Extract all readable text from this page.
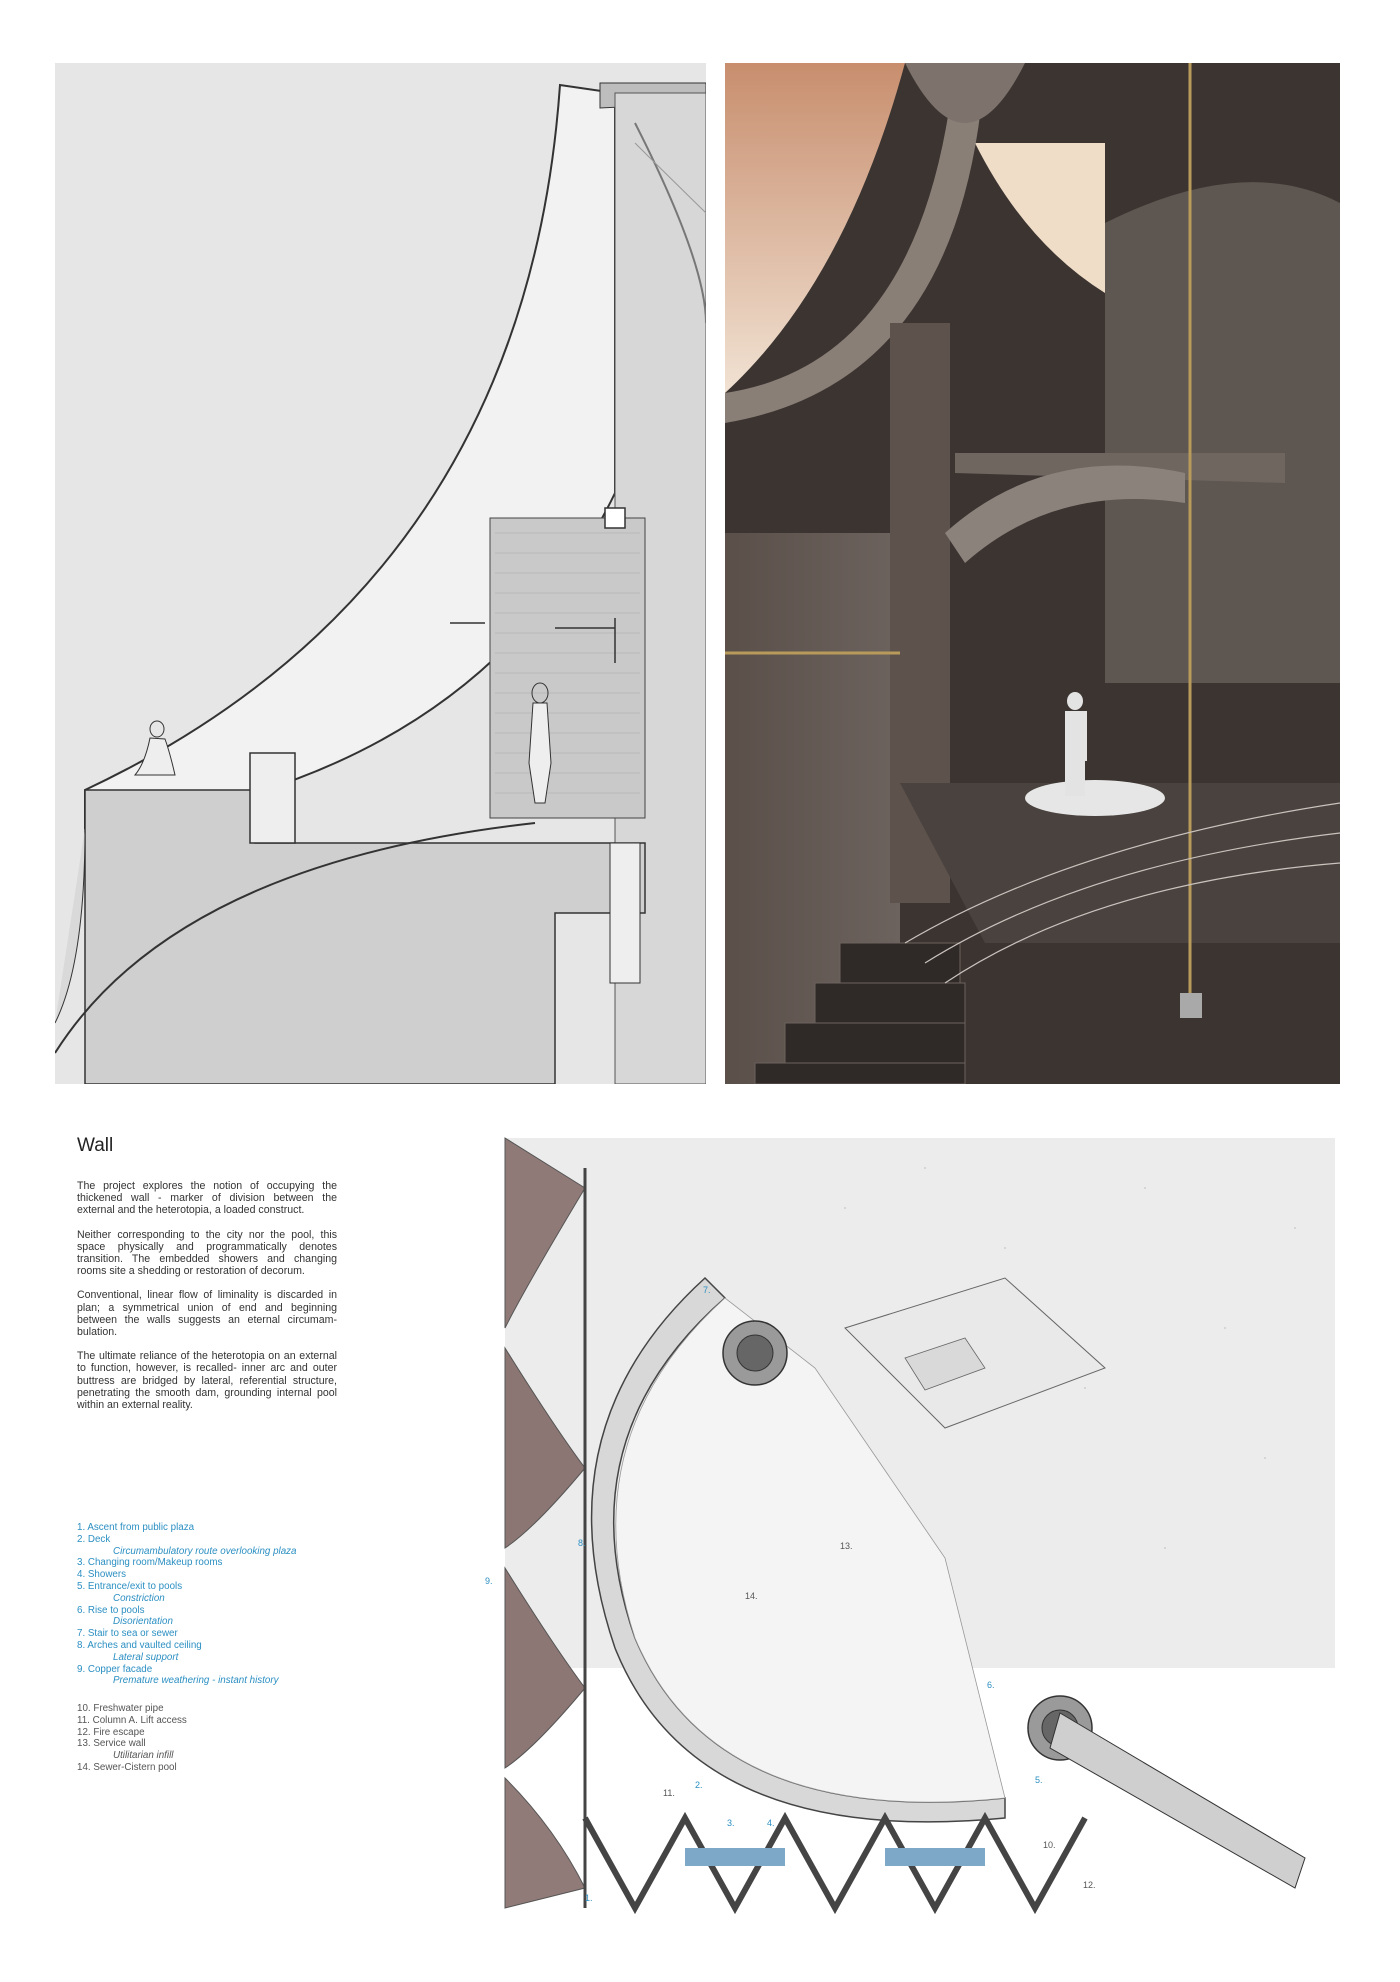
Wall

The project explores the notion of occupying the thickened wall - marker of division between the external and the heterotopia, a loaded construct.

Neither corresponding to the city nor the pool, this space physically and programmatically denotes transition. The embedded showers and changing rooms site a shedding or restoration of decorum.

Conventional, linear flow of liminality is discarded in plan; a symmetrical union of end and beginning between the walls suggests an eternal circumam-bulation.

The ultimate reliance of the heterotopia on an external to function, however, is recalled- inner arc and outer buttress are bridged by lateral, referential structure, penetrating the smooth dam, grounding internal pool within an external reality.

1. Ascent from public plaza
2. Deck
Circumambulatory route overlooking plaza
3. Changing room/Makeup rooms
4. Showers
5. Entrance/exit to pools
Constriction
6. Rise to pools
Disorientation
7. Stair to sea or sewer
8. Arches and vaulted ceiling
Lateral support
9. Copper facade
Premature weathering - instant history
10. Freshwater pipe
11. Column A. Lift access
12. Fire escape
13. Service wall
Utilitarian infill
14. Sewer-Cistern pool
1.
2.
3.	4.
5.
6.
7.
8.
9.
10.
11.
12.
13.
14.
